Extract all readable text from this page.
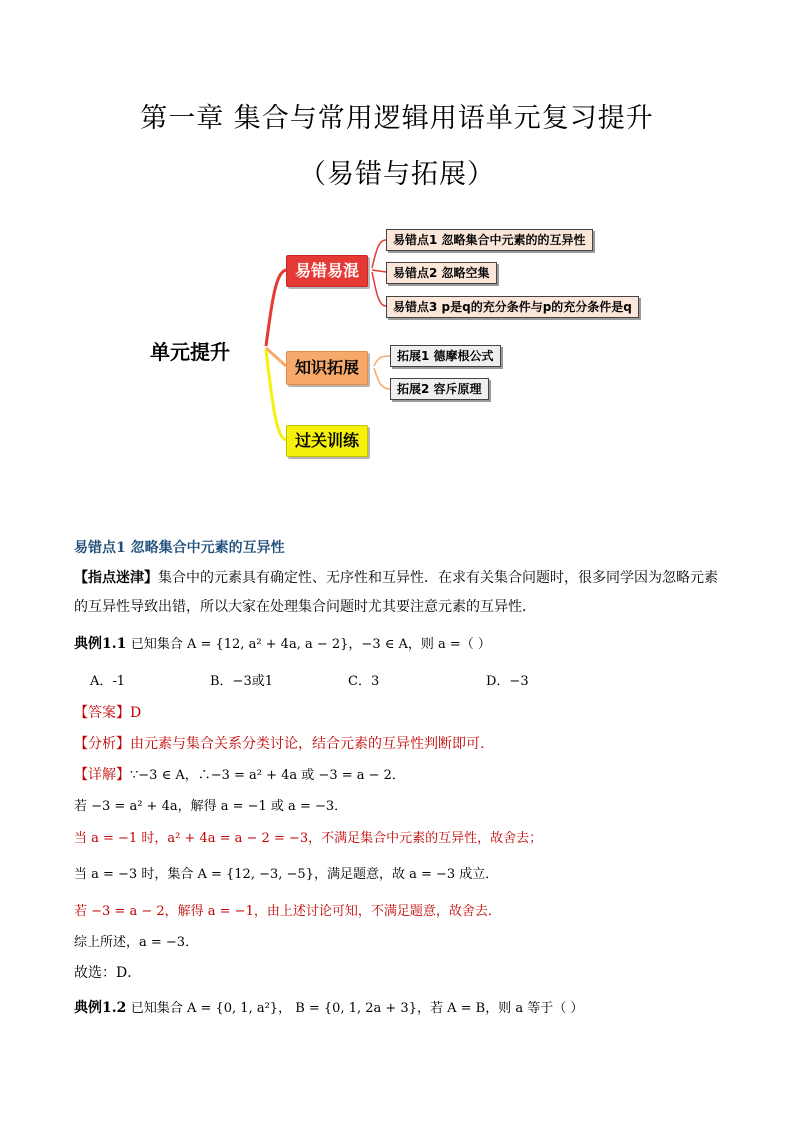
第一章 集合与常用逻辑用语单元复习提升
（易错与拓展）
单元提升
易错易混
知识拓展
过关训练
易错点1 忽略集合中元素的的互异性
易错点2 忽略空集
易错点3 p是q的充分条件与p的充分条件是q
拓展1 德摩根公式
拓展2 容斥原理
易错点1 忽略集合中元素的互异性
【指点迷津】集合中的元素具有确定性、无序性和互异性．在求有关集合问题时，很多同学因为忽略元素
的互异性导致出错，所以大家在处理集合问题时尤其要注意元素的互异性．
典例1.1 已知集合 A = {12, a² + 4a, a − 2}，−3 ∈ A，则 a =（ ）
A．-1	B．−3或1	C．3	D．−3
【答案】D
【分析】由元素与集合关系分类讨论，结合元素的互异性判断即可.
【详解】∵−3 ∈ A，∴−3 = a² + 4a 或 −3 = a − 2．
若 −3 = a² + 4a，解得 a = −1 或 a = −3．
当 a = −1 时，a² + 4a = a − 2 = −3，不满足集合中元素的互异性，故舍去；
当 a = −3 时，集合 A = {12, −3, −5}，满足题意，故 a = −3 成立．
若 −3 = a − 2，解得 a = −1，由上述讨论可知，不满足题意，故舍去．
综上所述，a = −3．
故选：D．
典例1.2 已知集合 A = {0, 1, a²}， B = {0, 1, 2a + 3}，若 A = B，则 a 等于（ ）
